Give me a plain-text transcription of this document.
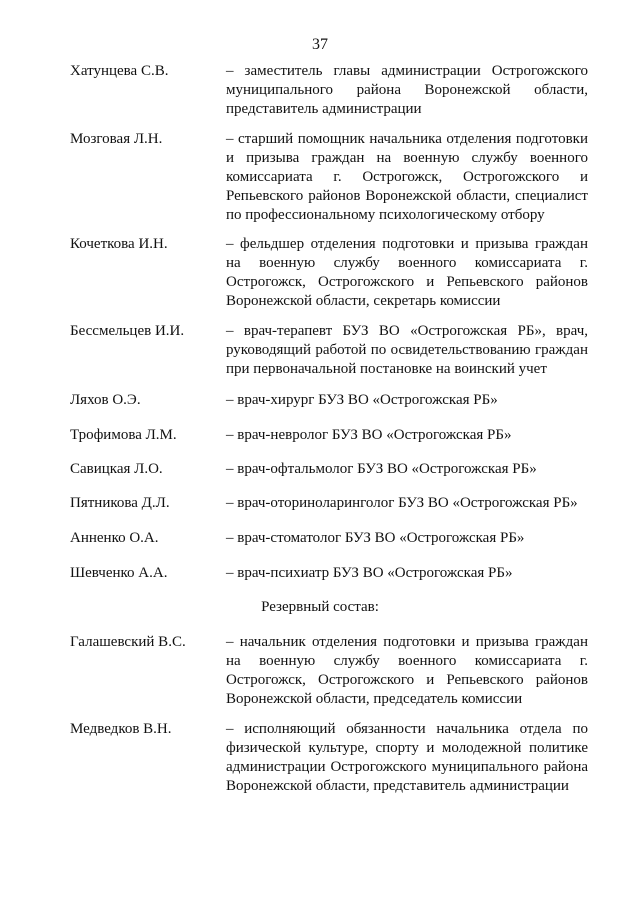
37
Хатунцева С.В.	– заместитель главы администрации Острогожского муниципального района Воронежской области, представитель администрации
Мозговая Л.Н.	– старший помощник начальника отделения подготовки и призыва граждан на военную службу военного комиссариата г. Острогожск, Острогожского и Репьевского районов Воронежской области, специалист по профессиональному психологическому отбору
Кочеткова И.Н.	– фельдшер отделения подготовки и призыва граждан на военную службу военного комиссариата г. Острогожск, Острогожского и Репьевского районов Воронежской области, секретарь комиссии
Бессмельцев И.И.	– врач-терапевт БУЗ ВО «Острогожская РБ», врач, руководящий работой по освидетельствованию граждан при первоначальной постановке на воинский учет
Ляхов О.Э.	– врач-хирург БУЗ ВО «Острогожская РБ»
Трофимова Л.М.	– врач-невролог БУЗ ВО «Острогожская РБ»
Савицкая Л.О.	– врач-офтальмолог БУЗ ВО «Острогожская РБ»
Пятникова Д.Л.	– врач-оториноларинголог БУЗ ВО «Острогожская РБ»
Анненко О.А.	– врач-стоматолог БУЗ ВО «Острогожская РБ»
Шевченко А.А.	– врач-психиатр БУЗ ВО «Острогожская РБ»
Резервный состав:
Галашевский В.С.	– начальник отделения подготовки и призыва граждан на военную службу военного комиссариата г. Острогожск, Острогожского и Репьевского районов Воронежской области, председатель комиссии
Медведков В.Н.	– исполняющий обязанности начальника отдела по физической культуре, спорту и молодежной политике администрации Острогожского муниципального района Воронежской области, представитель администрации
